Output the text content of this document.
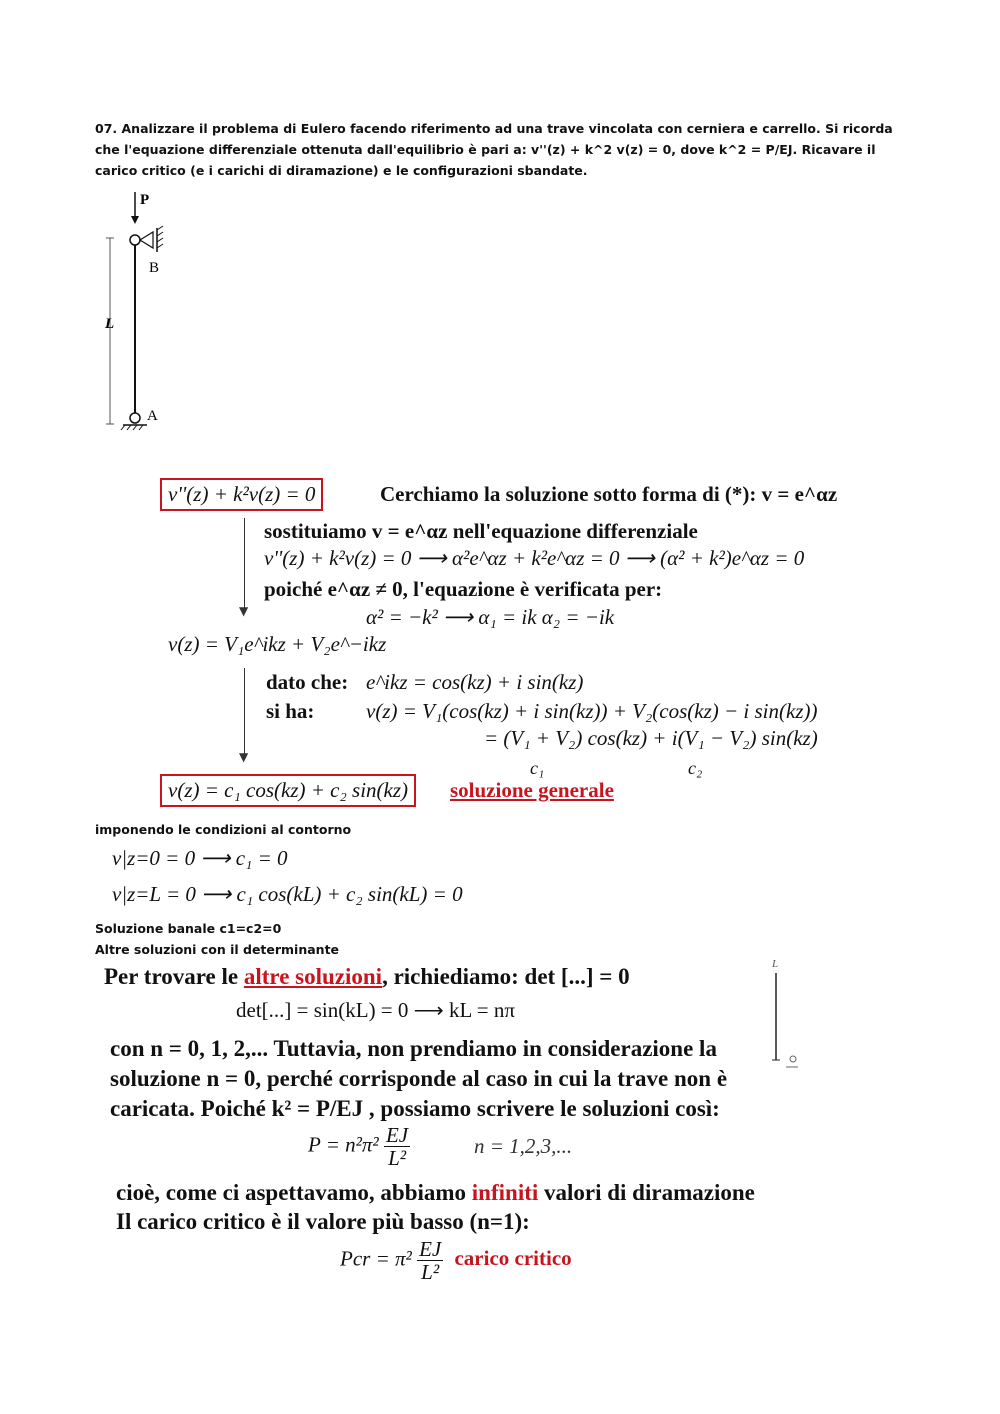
07. Analizzare il problema di Eulero facendo riferimento ad una trave vincolata con cerniera e carrello. Si ricorda che l'equazione differenziale ottenuta dall'equilibrio è pari a: v''(z) + k^2 v(z) = 0, dove k^2 = P/EJ. Ricavare il carico critico (e i carichi di diramazione) e le configurazioni sbandate.
P
B
L
A
v''(z) + k²v(z) = 0	Cerchiamo la soluzione sotto forma di (*): v = e^αz
▼
sostituiamo v = e^αz nell'equazione differenziale
v''(z) + k²v(z) = 0 ⟶ α²e^αz + k²e^αz = 0 ⟶ (α² + k²)e^αz = 0
poiché e^αz ≠ 0, l'equazione è verificata per:
α² = −k² ⟶ α₁ = ik α₂ = −ik
v(z) = V₁e^ikz + V₂e^−ikz
▼
dato che: e^ikz = cos(kz) + i sin(kz)
si ha: v(z) = V₁(cos(kz) + i sin(kz)) + V₂(cos(kz) − i sin(kz))
= (V₁ + V₂) cos(kz) + i(V₁ − V₂) sin(kz)
c₁	c₂
v(z) = c₁ cos(kz) + c₂ sin(kz)	soluzione generale
imponendo le condizioni al contorno
v|z=0 = 0 ⟶ c₁ = 0
v|z=L = 0 ⟶ c₁ cos(kL) + c₂ sin(kL) = 0
Soluzione banale c1=c2=0
Altre soluzioni con il determinante
Per trovare le altre soluzioni, richiediamo: det [...] = 0
det[...] = sin(kL) = 0 ⟶ kL = nπ
L
con n = 0, 1, 2,... Tuttavia, non prendiamo in considerazione la soluzione n = 0, perché corrisponde al caso in cui la trave non è caricata. Poiché k² = P/EJ , possiamo scrivere le soluzioni così:
$P = n^2\pi^2 \frac{EJ}{\text{L²}}$	n = 1,2,3,...
cioè, come ci aspettavamo, abbiamo infiniti valori di diramazione
Il carico critico è il valore più basso (n=1):
Pcr = $\pi^2 \frac{EJ}{\text{L²}}$ carico critico
